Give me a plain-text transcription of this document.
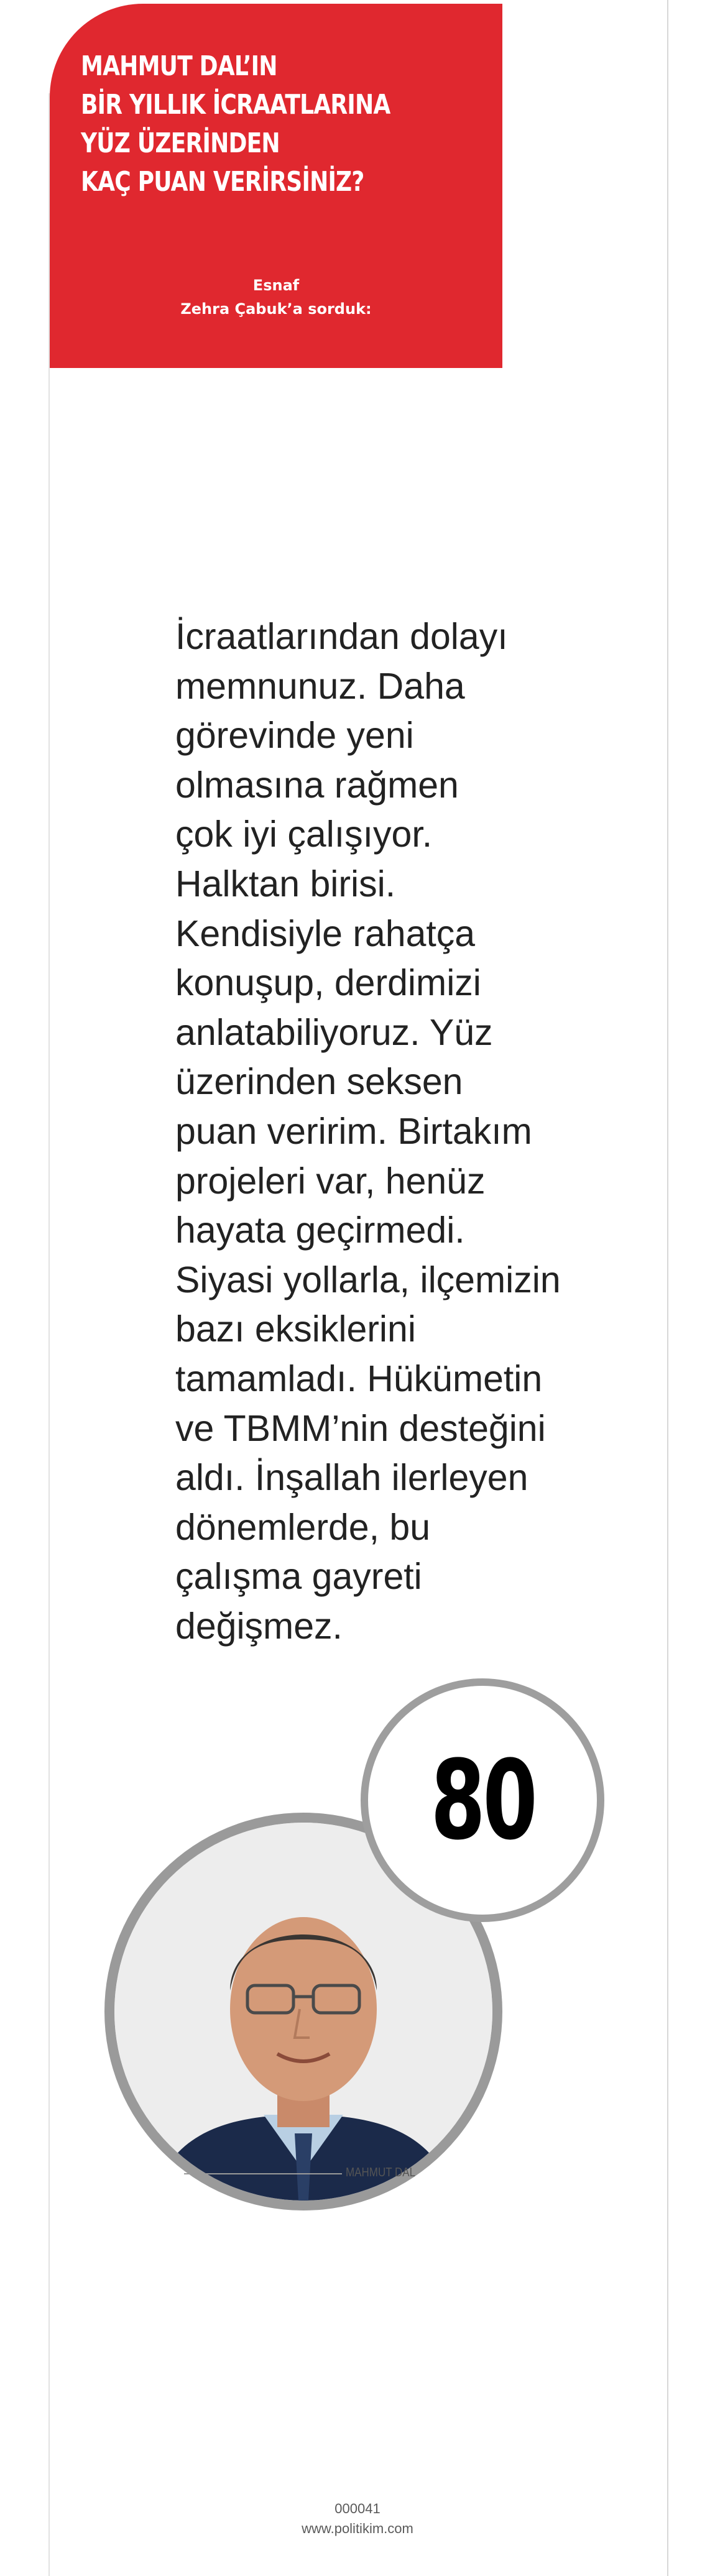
MAHMUT DAL’IN
BİR YILLIK İCRAATLARINA
YÜZ ÜZERİNDEN
KAÇ PUAN VERİRSİNİZ?
Esnaf
Zehra Çabuk’a sorduk:
İcraatlarından dolayı
memnunuz. Daha
görevinde yeni
olmasına rağmen
çok iyi çalışıyor.
Halktan birisi.
Kendisiyle rahatça
konuşup, derdimizi
anlatabiliyoruz. Yüz
üzerinden seksen
puan veririm. Birtakım
projeleri var, henüz
hayata geçirmedi.
Siyasi yollarla, ilçemizin
bazı eksiklerini
tamamladı. Hükümetin
ve TBMM’nin desteğini
aldı. İnşallah ilerleyen
dönemlerde, bu
çalışma gayreti
değişmez.
80
MAHMUT DAL
000041
www.politikim.com
